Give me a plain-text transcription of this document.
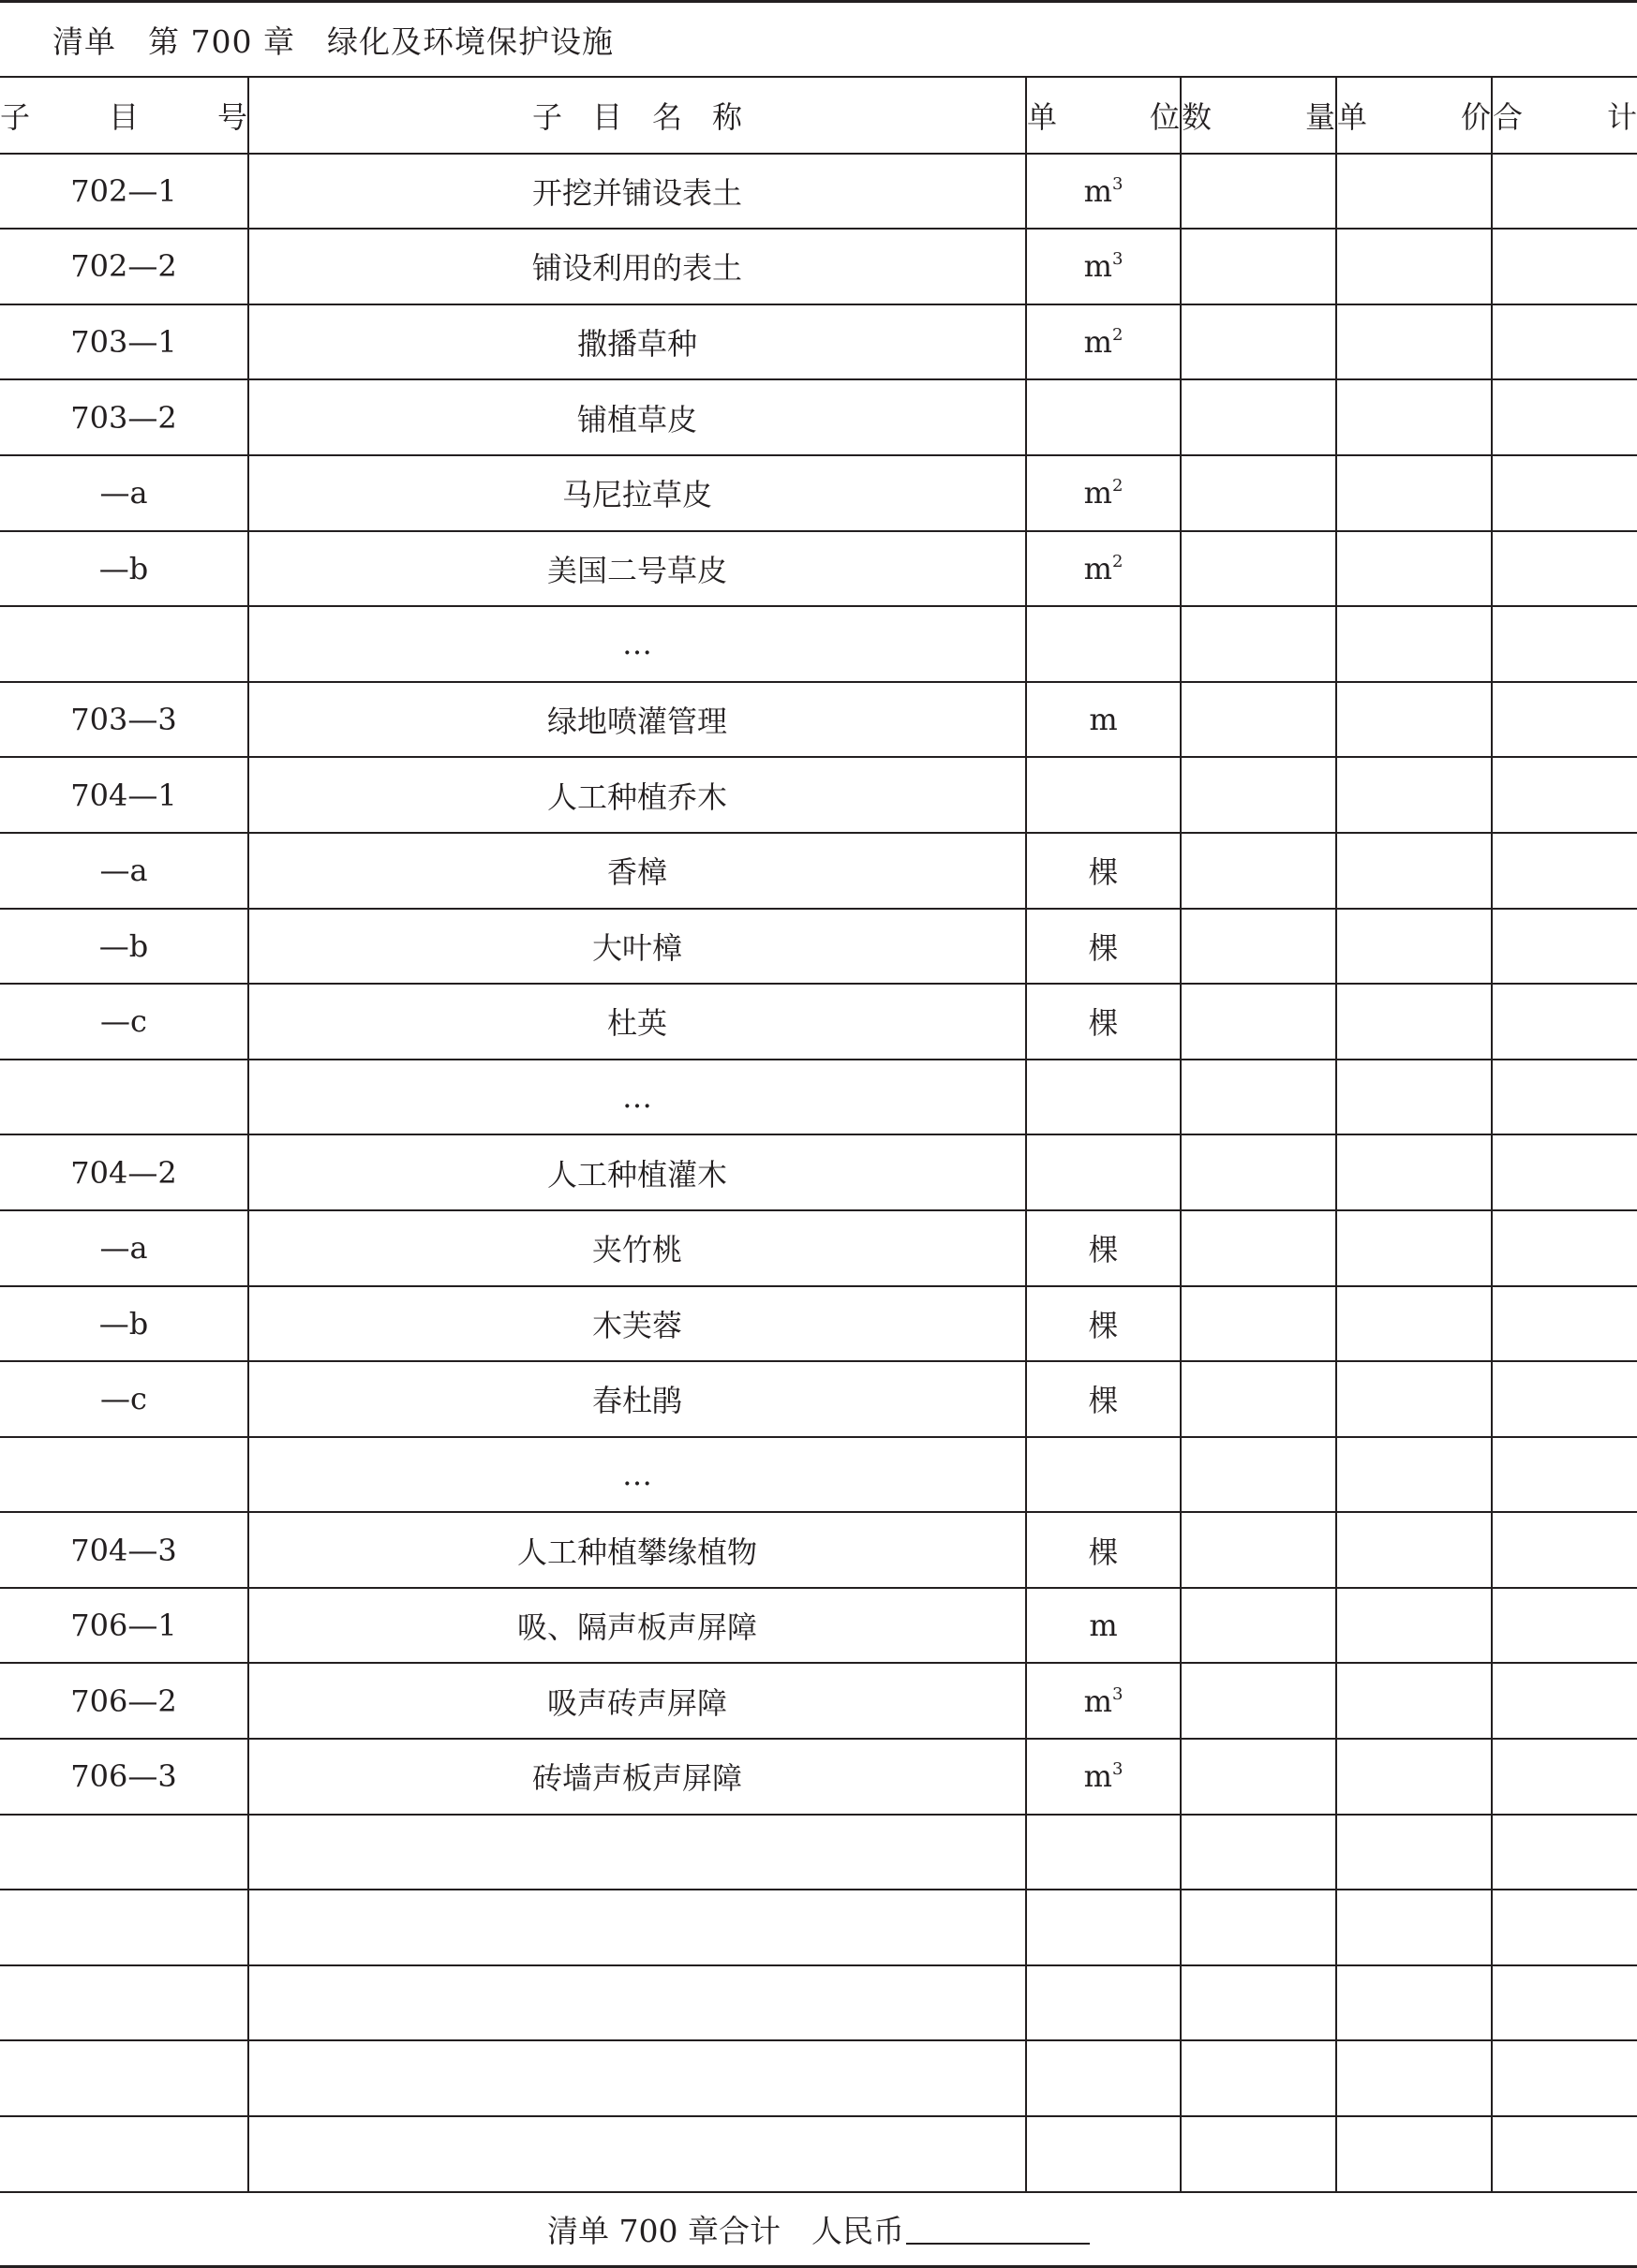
清单　第 700 章　绿化及环境保护设施
子　目　号	子　目　名　称	单　位	数　量	单　价	合　计
702—1	开挖并铺设表土	$m^3$			
702—2	铺设利用的表土	$m^3$			
703—1	撒播草种	$m^2$			
703—2	铺植草皮				
—a	马尼拉草皮	$m^2$			
—b	美国二号草皮	$m^2$			
	…				
703—3	绿地喷灌管理	m			
704—1	人工种植乔木				
—a	香樟	棵			
—b	大叶樟	棵			
—c	杜英	棵			
	…				
704—2	人工种植灌木				
—a	夹竹桃	棵			
—b	木芙蓉	棵			
—c	春杜鹃	棵			
	…				
704—3	人工种植攀缘植物	棵			
706—1	吸、隔声板声屏障	m			
706—2	吸声砖声屏障	$m^3$			
706—3	砖墙声板声屏障	$m^3$			

清单 700 章合计　人民币
